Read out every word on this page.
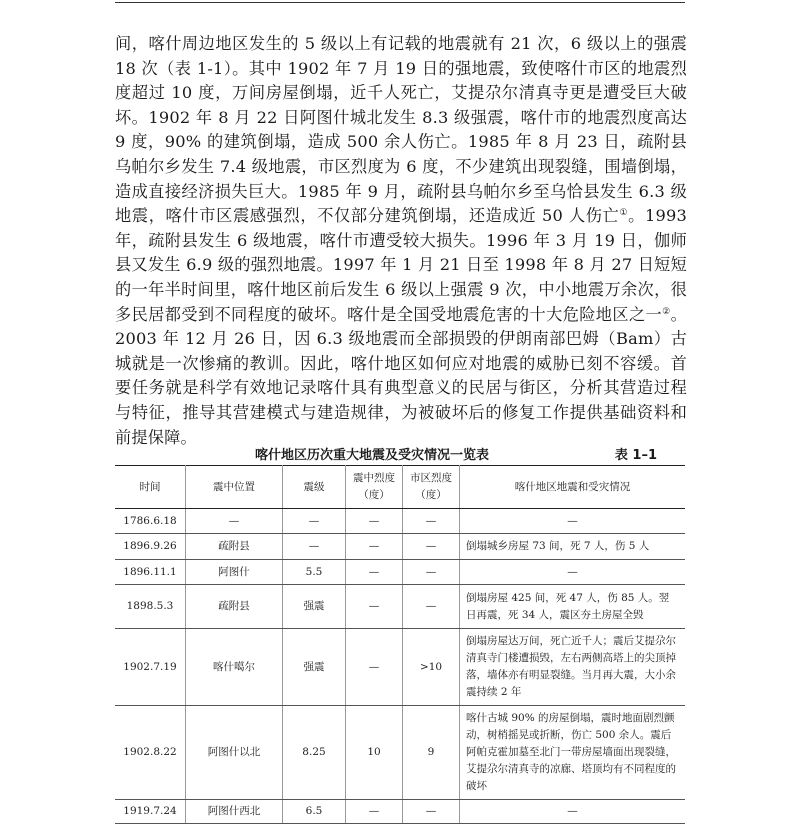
间，喀什周边地区发生的 5 级以上有记载的地震就有 21 次，6 级以上的强震 18 次（表 1-1）。其中 1902 年 7 月 19 日的强地震，致使喀什市区的地震烈度超过 10 度，万间房屋倒塌，近千人死亡，艾提尕尔清真寺更是遭受巨大破坏。1902 年 8 月 22 日阿图什城北发生 8.3 级强震，喀什市的地震烈度高达 9 度，90% 的建筑倒塌，造成 500 余人伤亡。1985 年 8 月 23 日，疏附县乌帕尔乡发生 7.4 级地震，市区烈度为 6 度，不少建筑出现裂缝，围墙倒塌，造成直接经济损失巨大。1985 年 9 月，疏附县乌帕尔乡至乌恰县发生 6.3 级地震，喀什市区震感强烈，不仅部分建筑倒塌，还造成近 50 人伤亡①。1993 年，疏附县发生 6 级地震，喀什市遭受较大损失。1996 年 3 月 19 日，伽师县又发生 6.9 级的强烈地震。1997 年 1 月 21 日至 1998 年 8 月 27 日短短的一年半时间里，喀什地区前后发生 6 级以上强震 9 次，中小地震万余次，很多民居都受到不同程度的破坏。喀什是全国受地震危害的十大危险地区之一②。2003 年 12 月 26 日，因 6.3 级地震而全部损毁的伊朗南部巴姆（Bam）古城就是一次惨痛的教训。因此，喀什地区如何应对地震的威胁已刻不容缓。首要任务就是科学有效地记录喀什具有典型意义的民居与街区，分析其营造过程与特征，推导其营建模式与建造规律，为被破坏后的修复工作提供基础资料和前提保障。

喀什地区历次重大地震及受灾情况一览表	表 1–1
时间	震中位置	震级	震中烈度（度）	市区烈度（度）	喀什地区地震和受灾情况
1786.6.18	—	—	—	—	—
1896.9.26	疏附县	—	—	—	倒塌城乡房屋 73 间，死 7 人，伤 5 人
1896.11.1	阿图什	5.5	—	—	—
1898.5.3	疏附县	强震	—	—	倒塌房屋 425 间，死 47 人，伤 85 人。翌日再震，死 34 人，震区夯土房屋全毁
1902.7.19	喀什噶尔	强震	—	>10	倒塌房屋达万间，死亡近千人；震后艾提尕尔清真寺门楼遭损毁，左右两侧高塔上的尖顶掉落，墙体亦有明显裂缝。当月再大震，大小余震持续 2 年
1902.8.22	阿图什以北	8.25	10	9	喀什古城 90% 的房屋倒塌，震时地面剧烈颤动，树梢摇晃或折断，伤亡 500 余人。震后阿帕克霍加墓至北门一带房屋墙面出现裂缝，艾提尕尔清真寺的凉廊、塔顶均有不同程度的破坏
1919.7.24	阿图什西北	6.5	—	—	—
